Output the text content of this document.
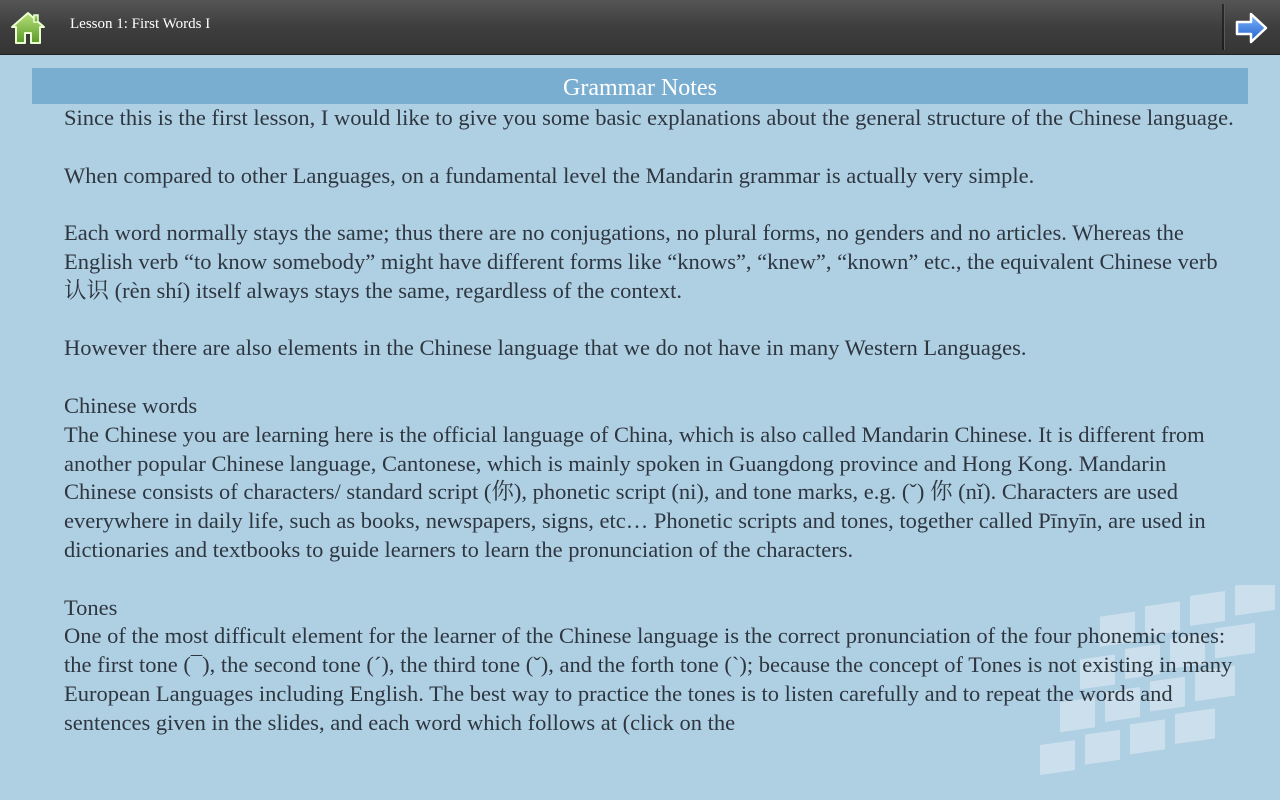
Lesson 1: First Words I
Grammar Notes

Since this is the first lesson, I would like to give you some basic explanations about the general structure of the Chinese language.

When compared to other Languages, on a fundamental level the Mandarin grammar is actually very simple.

Each word normally stays the same; thus there are no conjugations, no plural forms, no genders and no articles. Whereas the English verb “to know somebody” might have different forms like “knows”, “knew”, “known” etc., the equivalent Chinese verb 认识 (rèn shí) itself always stays the same, regardless of the context.

However there are also elements in the Chinese language that we do not have in many Western Languages.

Chinese words

The Chinese you are learning here is the official language of China, which is also called Mandarin Chinese. It is different from another popular Chinese language, Cantonese, which is mainly spoken in Guangdong province and Hong Kong. Mandarin Chinese consists of characters/ standard script (你), phonetic script (ni), and tone marks, e.g. (ˇ) 你 (nǐ). Characters are used everywhere in daily life, such as books, newspapers, signs, etc… Phonetic scripts and tones, together called Pīnyīn, are used in dictionaries and textbooks to guide learners to learn the pronunciation of the characters.

Tones

One of the most difficult element for the learner of the Chinese language is the correct pronunciation of the four phonemic tones: the first tone (¯), the second tone (ˊ), the third tone (ˇ), and the forth tone (ˋ); because the concept of Tones is not existing in many European Languages including English. The best way to practice the tones is to listen carefully and to repeat the words and sentences given in the slides, and each word which follows at (click on the
